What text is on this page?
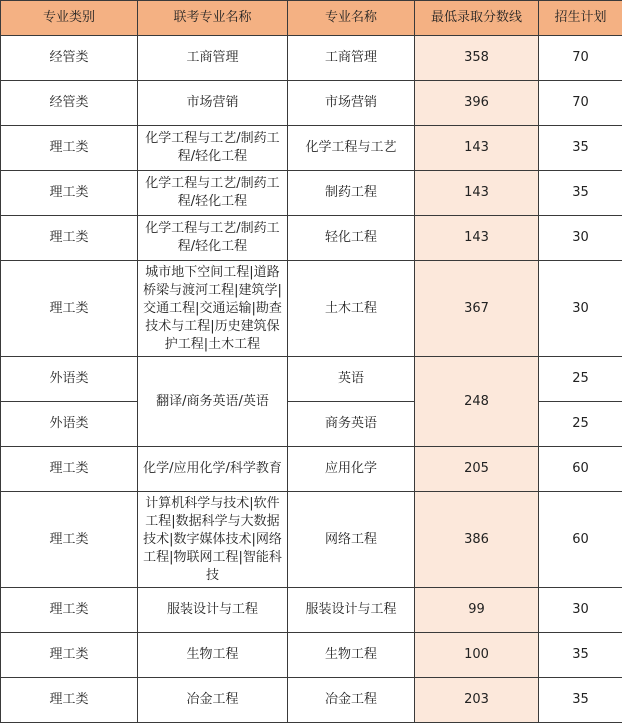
专业类别	联考专业名称	专业名称	最低录取分数线	招生计划
经管类	工商管理	工商管理	358	70
经管类	市场营销	市场营销	396	70
理工类	化学工程与工艺/制药工程/轻化工程	化学工程与工艺	143	35
理工类	化学工程与工艺/制药工程/轻化工程	制药工程	143	35
理工类	化学工程与工艺/制药工程/轻化工程	轻化工程	143	30
理工类	城市地下空间工程|道路桥梁与渡河工程|建筑学|交通工程|交通运输|勘查技术与工程|历史建筑保护工程|土木工程	土木工程	367	30
外语类	翻译/商务英语/英语	英语	248	25
外语类		商务英语		25
理工类	化学/应用化学/科学教育	应用化学	205	60
理工类	计算机科学与技术|软件工程|数据科学与大数据技术|数字媒体技术|网络工程|物联网工程|智能科技	网络工程	386	60
理工类	服装设计与工程	服装设计与工程	99	30
理工类	生物工程	生物工程	100	35
理工类	冶金工程	冶金工程	203	35
